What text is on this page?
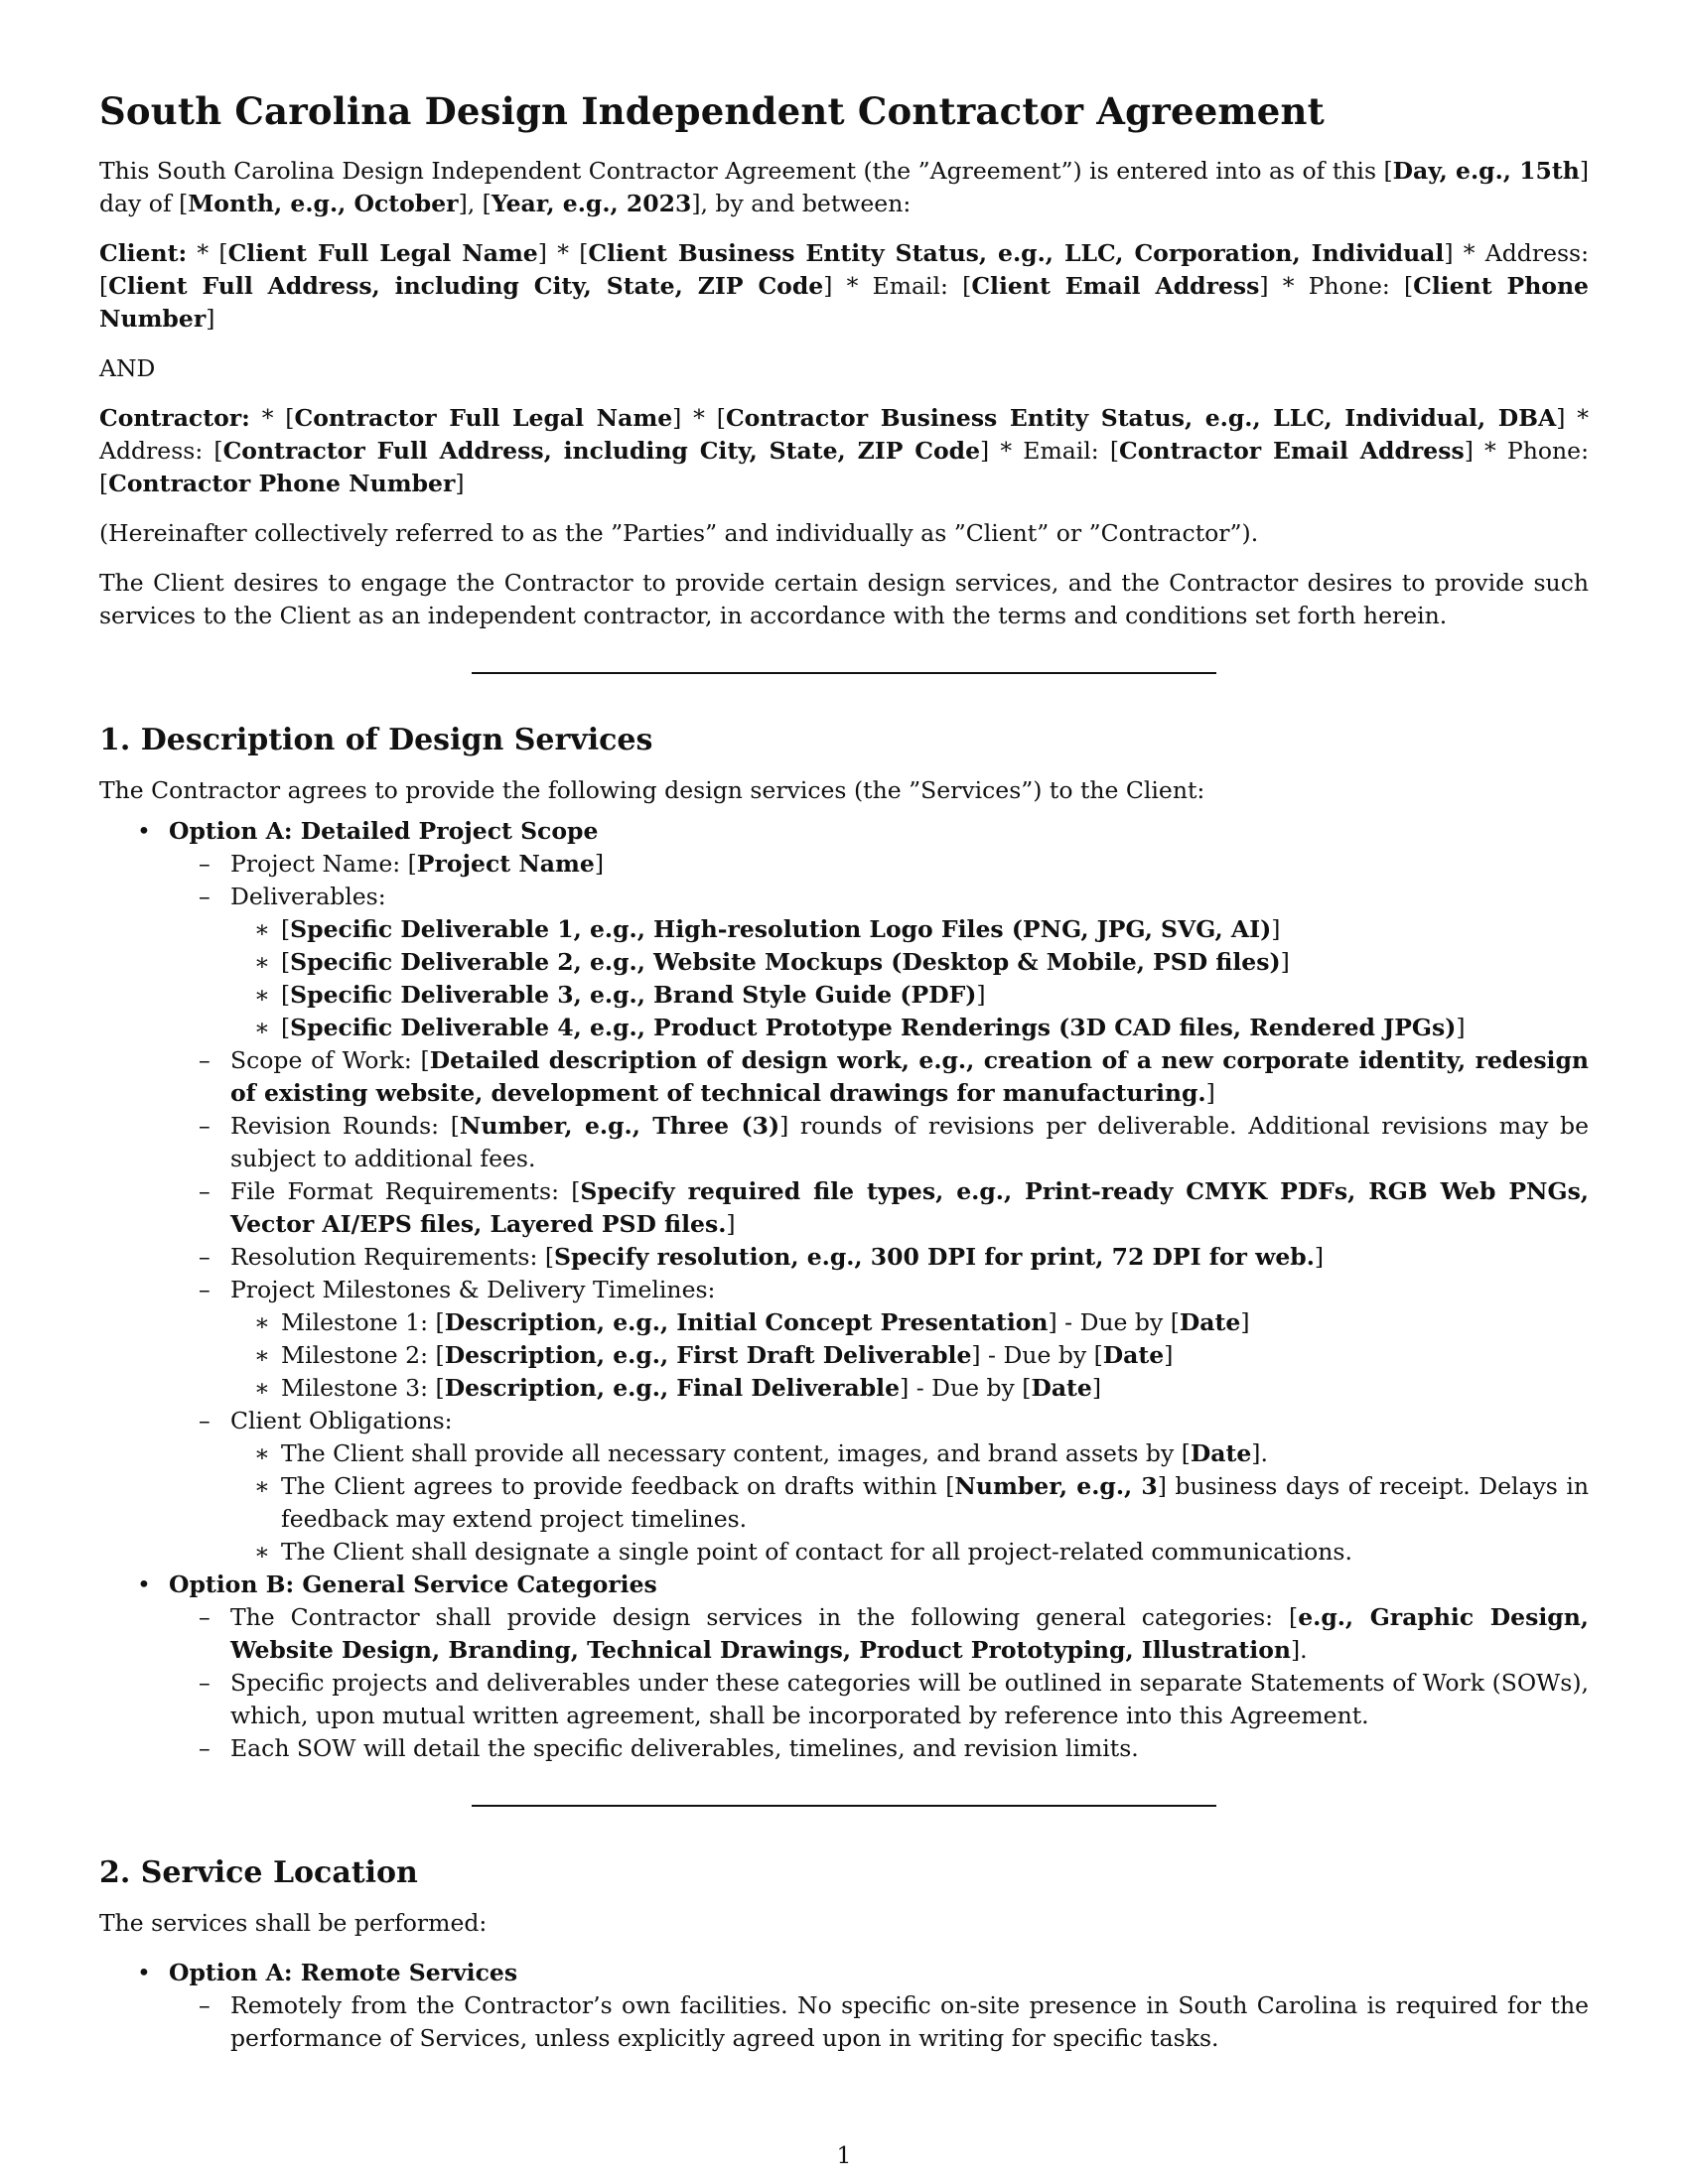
South Carolina Design Independent Contractor Agreement

This South Carolina Design Independent Contractor Agreement (the ”Agreement”) is entered into as of this [Day, e.g., 15th] day of [Month, e.g., October], [Year, e.g., 2023], by and between:

Client: * [Client Full Legal Name] * [Client Business Entity Status, e.g., LLC, Corporation, Individual] * Address: [Client Full Address, including City, State, ZIP Code] * Email: [Client Email Address] * Phone: [Client Phone Number]

AND

Contractor: * [Contractor Full Legal Name] * [Contractor Business Entity Status, e.g., LLC, Individual, DBA] * Address: [Contractor Full Address, including City, State, ZIP Code] * Email: [Contractor Email Address] * Phone: [Contractor Phone Number]

(Hereinafter collectively referred to as the ”Parties” and individually as ”Client” or ”Contractor”).

The Client desires to engage the Contractor to provide certain design services, and the Contractor desires to provide such services to the Client as an independent contractor, in accordance with the terms and conditions set forth herein.

1. Description of Design Services

The Contractor agrees to provide the following design services (the ”Services”) to the Client:

• Option A: Detailed Project Scope
– Project Name: [Project Name]
– Deliverables:
∗ [Specific Deliverable 1, e.g., High-resolution Logo Files (PNG, JPG, SVG, AI)]
∗ [Specific Deliverable 2, e.g., Website Mockups (Desktop & Mobile, PSD files)]
∗ [Specific Deliverable 3, e.g., Brand Style Guide (PDF)]
∗ [Specific Deliverable 4, e.g., Product Prototype Renderings (3D CAD files, Rendered JPGs)]
– Scope of Work: [Detailed description of design work, e.g., creation of a new corporate identity, redesign of existing website, development of technical drawings for manufacturing.]
– Revision Rounds: [Number, e.g., Three (3)] rounds of revisions per deliverable. Additional revisions may be subject to additional fees.
– File Format Requirements: [Specify required file types, e.g., Print-ready CMYK PDFs, RGB Web PNGs, Vector AI/EPS files, Layered PSD files.]
– Resolution Requirements: [Specify resolution, e.g., 300 DPI for print, 72 DPI for web.]
– Project Milestones & Delivery Timelines:
∗ Milestone 1: [Description, e.g., Initial Concept Presentation] - Due by [Date]
∗ Milestone 2: [Description, e.g., First Draft Deliverable] - Due by [Date]
∗ Milestone 3: [Description, e.g., Final Deliverable] - Due by [Date]
– Client Obligations:
∗ The Client shall provide all necessary content, images, and brand assets by [Date].
∗ The Client agrees to provide feedback on drafts within [Number, e.g., 3] business days of receipt. Delays in feedback may extend project timelines.
∗ The Client shall designate a single point of contact for all project-related communications.
• Option B: General Service Categories
– The Contractor shall provide design services in the following general categories: [e.g., Graphic Design, Website Design, Branding, Technical Drawings, Product Prototyping, Illustration].
– Specific projects and deliverables under these categories will be outlined in separate Statements of Work (SOWs), which, upon mutual written agreement, shall be incorporated by reference into this Agreement.
– Each SOW will detail the specific deliverables, timelines, and revision limits.
2. Service Location

The services shall be performed:

• Option A: Remote Services
– Remotely from the Contractor’s own facilities. No specific on-site presence in South Carolina is required for the performance of Services, unless explicitly agreed upon in writing for specific tasks.
1
